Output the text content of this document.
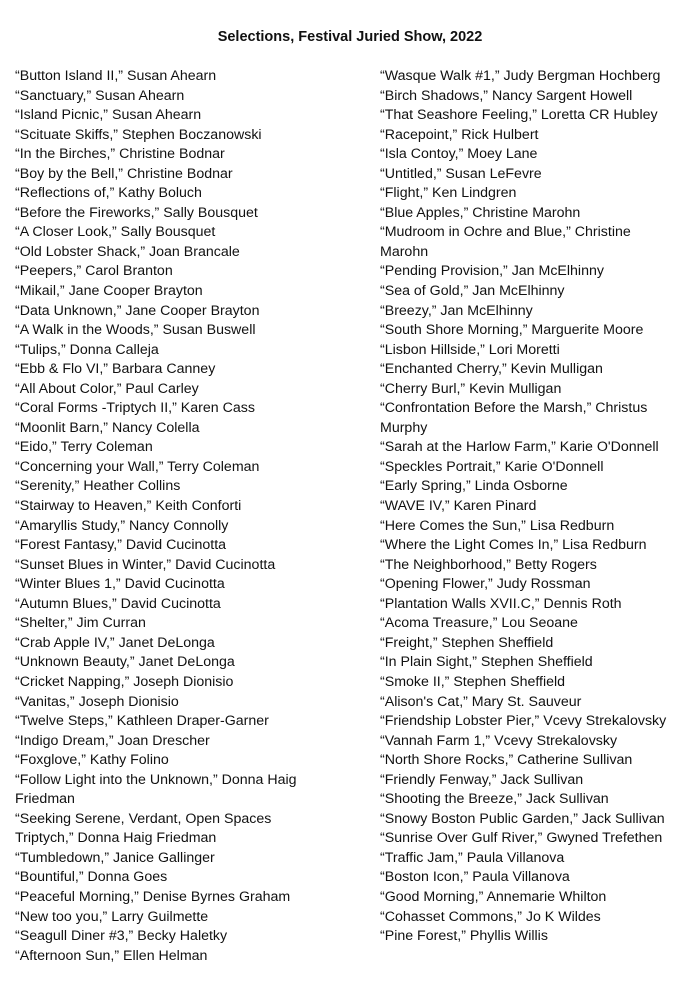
Selections, Festival Juried Show, 2022
“Button Island II,” Susan Ahearn
“Sanctuary,” Susan Ahearn
“Island Picnic,” Susan Ahearn
“Scituate Skiffs,” Stephen Boczanowski
“In the Birches,” Christine Bodnar
“Boy by the Bell,” Christine Bodnar
“Reflections of,” Kathy Boluch
“Before the Fireworks,” Sally Bousquet
“A Closer Look,” Sally Bousquet
“Old Lobster Shack,” Joan Brancale
“Peepers,” Carol Branton
“Mikail,” Jane Cooper Brayton
“Data Unknown,” Jane Cooper Brayton
“A Walk in the Woods,” Susan Buswell
“Tulips,” Donna Calleja
“Ebb & Flo VI,” Barbara Canney
“All About Color,” Paul Carley
“Coral Forms -Triptych II,” Karen Cass
“Moonlit Barn,” Nancy Colella
“Eido,” Terry Coleman
“Concerning your Wall,” Terry Coleman
“Serenity,” Heather Collins
“Stairway to Heaven,” Keith Conforti
“Amaryllis Study,” Nancy Connolly
“Forest Fantasy,” David Cucinotta
“Sunset Blues in Winter,” David Cucinotta
“Winter Blues 1,” David Cucinotta
“Autumn Blues,” David Cucinotta
“Shelter,” Jim Curran
“Crab Apple IV,” Janet DeLonga
“Unknown Beauty,” Janet DeLonga
“Cricket Napping,” Joseph Dionisio
“Vanitas,” Joseph Dionisio
“Twelve Steps,” Kathleen Draper-Garner
“Indigo Dream,” Joan Drescher
“Foxglove,” Kathy Folino
“Follow Light into the Unknown,” Donna Haig
Friedman
“Seeking Serene, Verdant, Open Spaces
Triptych,” Donna Haig Friedman
“Tumbledown,” Janice Gallinger
“Bountiful,” Donna Goes
“Peaceful Morning,” Denise Byrnes Graham
“New too you,” Larry Guilmette
“Seagull Diner #3,” Becky Haletky
“Afternoon Sun,” Ellen Helman
“Wasque Walk #1,” Judy Bergman Hochberg
“Birch Shadows,” Nancy Sargent Howell
“That Seashore Feeling,” Loretta CR Hubley
“Racepoint,” Rick Hulbert
“Isla Contoy,” Moey Lane
“Untitled,” Susan LeFevre
“Flight,” Ken Lindgren
“Blue Apples,” Christine Marohn
“Mudroom in Ochre and Blue,” Christine
Marohn
“Pending Provision,” Jan McElhinny
“Sea of Gold,” Jan McElhinny
“Breezy,” Jan McElhinny
“South Shore Morning,” Marguerite Moore
“Lisbon Hillside,” Lori Moretti
“Enchanted Cherry,” Kevin Mulligan
“Cherry Burl,” Kevin Mulligan
“Confrontation Before the Marsh,” Christus
Murphy
“Sarah at the Harlow Farm,” Karie O'Donnell
“Speckles Portrait,” Karie O'Donnell
“Early Spring,” Linda Osborne
“WAVE IV,” Karen Pinard
“Here Comes the Sun,” Lisa Redburn
“Where the Light Comes In,” Lisa Redburn
“The Neighborhood,” Betty Rogers
“Opening Flower,” Judy Rossman
“Plantation Walls XVII.C,” Dennis Roth
“Acoma Treasure,” Lou Seoane
“Freight,” Stephen Sheffield
“In Plain Sight,” Stephen Sheffield
“Smoke II,” Stephen Sheffield
“Alison's Cat,” Mary St. Sauveur
“Friendship Lobster Pier,” Vcevy Strekalovsky
“Vannah Farm 1,” Vcevy Strekalovsky
“North Shore Rocks,” Catherine Sullivan
“Friendly Fenway,” Jack Sullivan
“Shooting the Breeze,” Jack Sullivan
“Snowy Boston Public Garden,” Jack Sullivan
“Sunrise Over Gulf River,” Gwyned Trefethen
“Traffic Jam,” Paula Villanova
“Boston Icon,” Paula Villanova
“Good Morning,” Annemarie Whilton
“Cohasset Commons,” Jo K Wildes
“Pine Forest,” Phyllis Willis
